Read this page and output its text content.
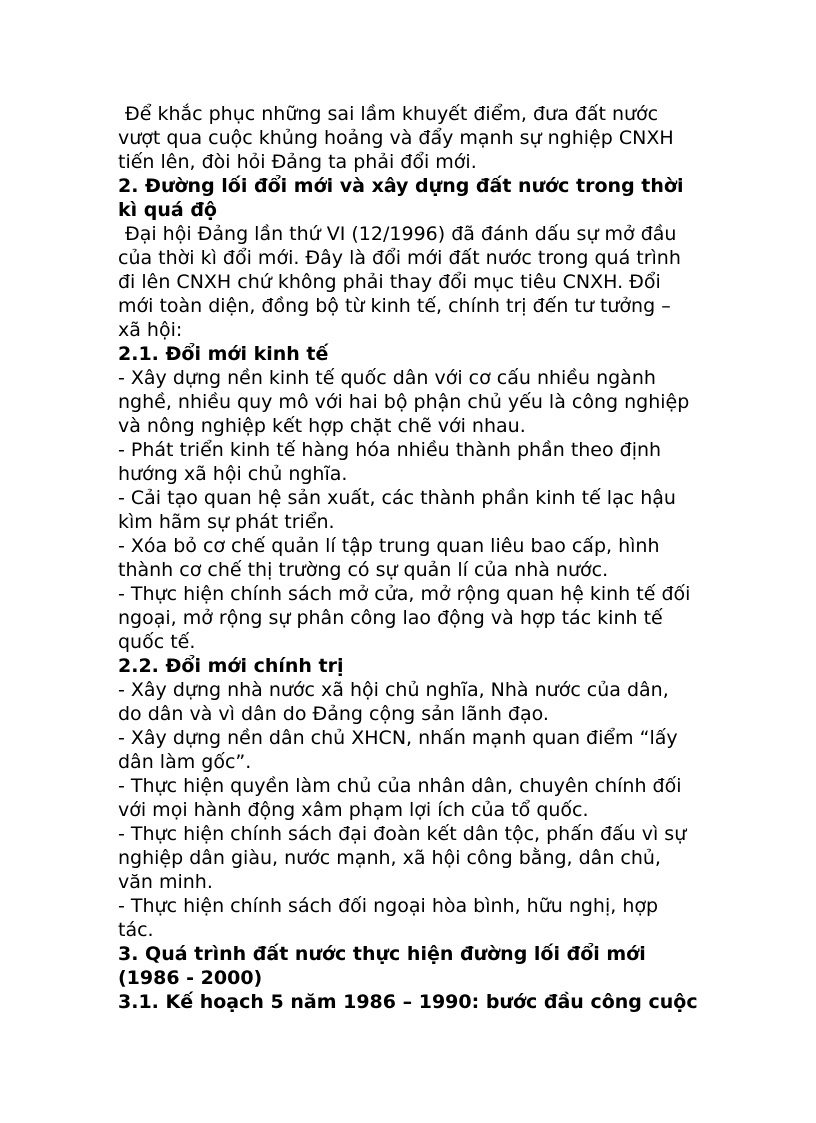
Để khắc phục những sai lầm khuyết điểm, đưa đất nước
vượt qua cuộc khủng hoảng và đẩy mạnh sự nghiệp CNXH
tiến lên, đòi hỏi Đảng ta phải đổi mới.
2. Đường lối đổi mới và xây dựng đất nước trong thời
kì quá độ
Đại hội Đảng lần thứ VI (12/1996) đã đánh dấu sự mở đầu
của thời kì đổi mới. Đây là đổi mới đất nước trong quá trình
đi lên CNXH chứ không phải thay đổi mục tiêu CNXH. Đổi
mới toàn diện, đồng bộ từ kinh tế, chính trị đến tư tưởng –
xã hội:
2.1. Đổi mới kinh tế
- Xây dựng nền kinh tế quốc dân với cơ cấu nhiều ngành
nghề, nhiều quy mô với hai bộ phận chủ yếu là công nghiệp
và nông nghiệp kết hợp chặt chẽ với nhau.
- Phát triển kinh tế hàng hóa nhiều thành phần theo định
hướng xã hội chủ nghĩa.
- Cải tạo quan hệ sản xuất, các thành phần kinh tế lạc hậu
kìm hãm sự phát triển.
- Xóa bỏ cơ chế quản lí tập trung quan liêu bao cấp, hình
thành cơ chế thị trường có sự quản lí của nhà nước.
- Thực hiện chính sách mở cửa, mở rộng quan hệ kinh tế đối
ngoại, mở rộng sự phân công lao động và hợp tác kinh tế
quốc tế.
2.2. Đổi mới chính trị
- Xây dựng nhà nước xã hội chủ nghĩa, Nhà nước của dân,
do dân và vì dân do Đảng cộng sản lãnh đạo.
- Xây dựng nền dân chủ XHCN, nhấn mạnh quan điểm “lấy
dân làm gốc”.
- Thực hiện quyền làm chủ của nhân dân, chuyên chính đối
với mọi hành động xâm phạm lợi ích của tổ quốc.
- Thực hiện chính sách đại đoàn kết dân tộc, phấn đấu vì sự
nghiệp dân giàu, nước mạnh, xã hội công bằng, dân chủ,
văn minh.
- Thực hiện chính sách đối ngoại hòa bình, hữu nghị, hợp
tác.
3. Quá trình đất nước thực hiện đường lối đổi mới
(1986 - 2000)
3.1. Kế hoạch 5 năm 1986 – 1990: bước đầu công cuộc
